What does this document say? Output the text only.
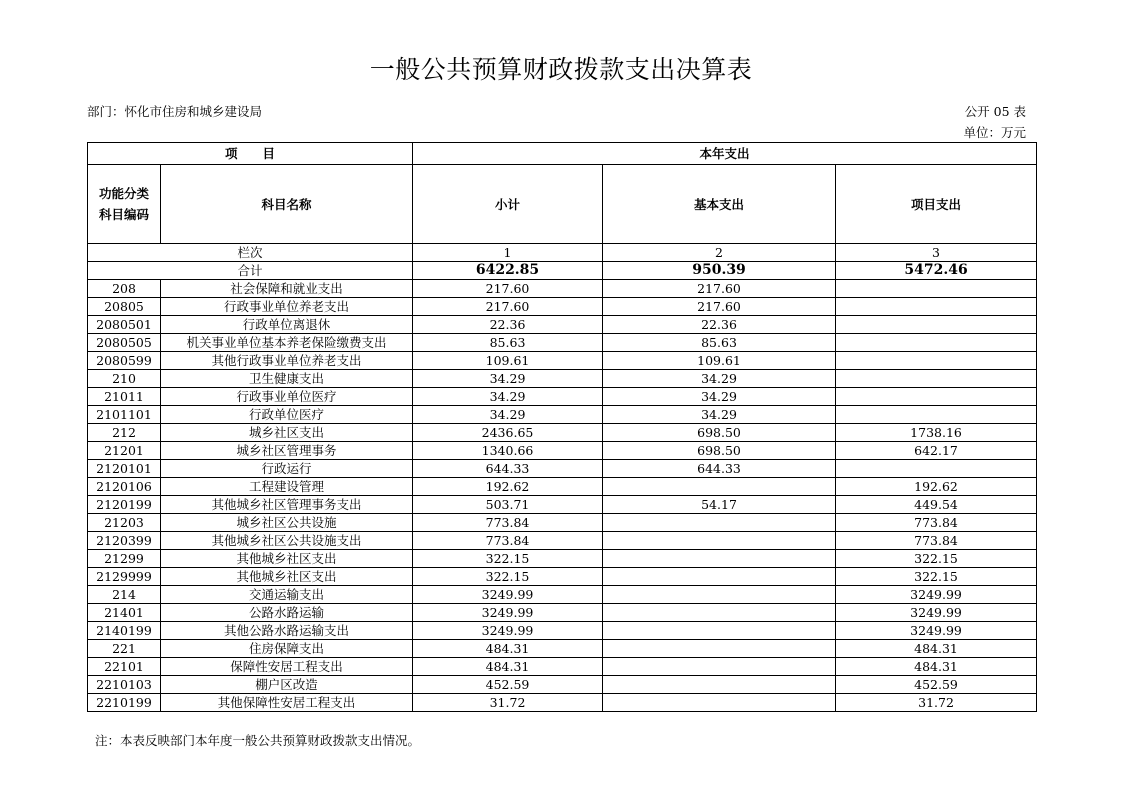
一般公共预算财政拨款支出决算表
部门：怀化市住房和城乡建设局	公开 05 表
单位：万元
项　　目		本年支出		
功能分类
科目编码	科目名称	小计	基本支出	项目支出
栏次		1	2	3
合计		6422.85	950.39	5472.46
208	社会保障和就业支出	217.60	217.60	
20805	行政事业单位养老支出	217.60	217.60	
2080501	行政单位离退休	22.36	22.36	
2080505	机关事业单位基本养老保险缴费支出	85.63	85.63	
2080599	其他行政事业单位养老支出	109.61	109.61	
210	卫生健康支出	34.29	34.29	
21011	行政事业单位医疗	34.29	34.29	
2101101	行政单位医疗	34.29	34.29	
212	城乡社区支出	2436.65	698.50	1738.16
21201	城乡社区管理事务	1340.66	698.50	642.17
2120101	行政运行	644.33	644.33	
2120106	工程建设管理	192.62		192.62
2120199	其他城乡社区管理事务支出	503.71	54.17	449.54
21203	城乡社区公共设施	773.84		773.84
2120399	其他城乡社区公共设施支出	773.84		773.84
21299	其他城乡社区支出	322.15		322.15
2129999	其他城乡社区支出	322.15		322.15
214	交通运输支出	3249.99		3249.99
21401	公路水路运输	3249.99		3249.99
2140199	其他公路水路运输支出	3249.99		3249.99
221	住房保障支出	484.31		484.31
22101	保障性安居工程支出	484.31		484.31
2210103	棚户区改造	452.59		452.59
2210199	其他保障性安居工程支出	31.72		31.72
注：本表反映部门本年度一般公共预算财政拨款支出情况。
